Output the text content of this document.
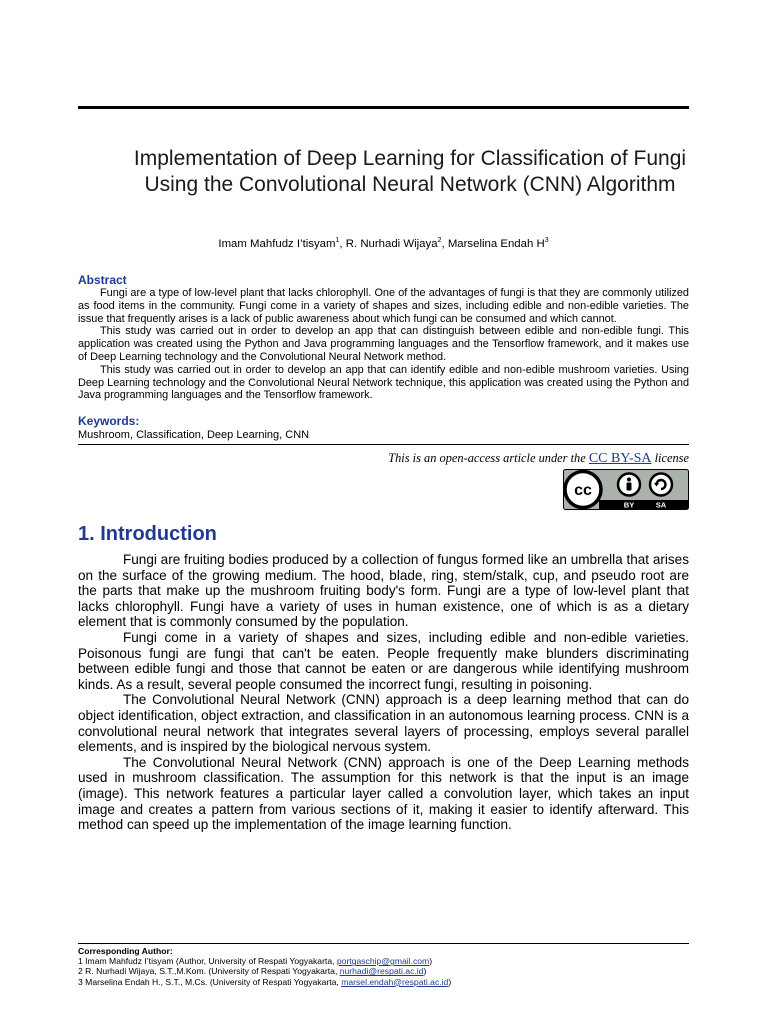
Implementation of Deep Learning for Classification of Fungi Using the Convolutional Neural Network (CNN) Algorithm
Imam Mahfudz I’tisyam$^1$, R. Nurhadi Wijaya$^2$, Marselina Endah $H^3$
Abstract

Fungi are a type of low-level plant that lacks chlorophyll. One of the advantages of fungi is that they are commonly utilized as food items in the community. Fungi come in a variety of shapes and sizes, including edible and non-edible varieties. The issue that frequently arises is a lack of public awareness about which fungi can be consumed and which cannot.

This study was carried out in order to develop an app that can distinguish between edible and non-edible fungi. This application was created using the Python and Java programming languages and the Tensorflow framework, and it makes use of Deep Learning technology and the Convolutional Neural Network method.

This study was carried out in order to develop an app that can identify edible and non-edible mushroom varieties. Using Deep Learning technology and the Convolutional Neural Network technique, this application was created using the Python and Java programming languages and the Tensorflow framework.

Keywords:
Mushroom, Classification, Deep Learning, CNN
This is an open-access article under the CC BY-SA license
cc
BY	SA
1. Introduction

Fungi are fruiting bodies produced by a collection of fungus formed like an umbrella that arises on the surface of the growing medium. The hood, blade, ring, stem/stalk, cup, and pseudo root are the parts that make up the mushroom fruiting body's form. Fungi are a type of low-level plant that lacks chlorophyll. Fungi have a variety of uses in human existence, one of which is as a dietary element that is commonly consumed by the population.

Fungi come in a variety of shapes and sizes, including edible and non-edible varieties. Poisonous fungi are fungi that can't be eaten. People frequently make blunders discriminating between edible fungi and those that cannot be eaten or are dangerous while identifying mushroom kinds. As a result, several people consumed the incorrect fungi, resulting in poisoning.

The Convolutional Neural Network (CNN) approach is a deep learning method that can do object identification, object extraction, and classification in an autonomous learning process. CNN is a convolutional neural network that integrates several layers of processing, employs several parallel elements, and is inspired by the biological nervous system.

The Convolutional Neural Network (CNN) approach is one of the Deep Learning methods used in mushroom classification. The assumption for this network is that the input is an image (image). This network features a particular layer called a convolution layer, which takes an input image and creates a pattern from various sections of it, making it easier to identify afterward. This method can speed up the implementation of the image learning function.

Corresponding Author:
1 Imam Mahfudz I’tisyam (Author, University of Respati Yogyakarta, portgaschip@gmail.com)
2 R. Nurhadi Wijaya, S.T.,M.Kom. (University of Respati Yogyakarta, nurhadi@respati.ac.id)
3 Marselina Endah H., S.T., M.Cs. (University of Respati Yogyakarta, marsel.endah@respati.ac.id)
